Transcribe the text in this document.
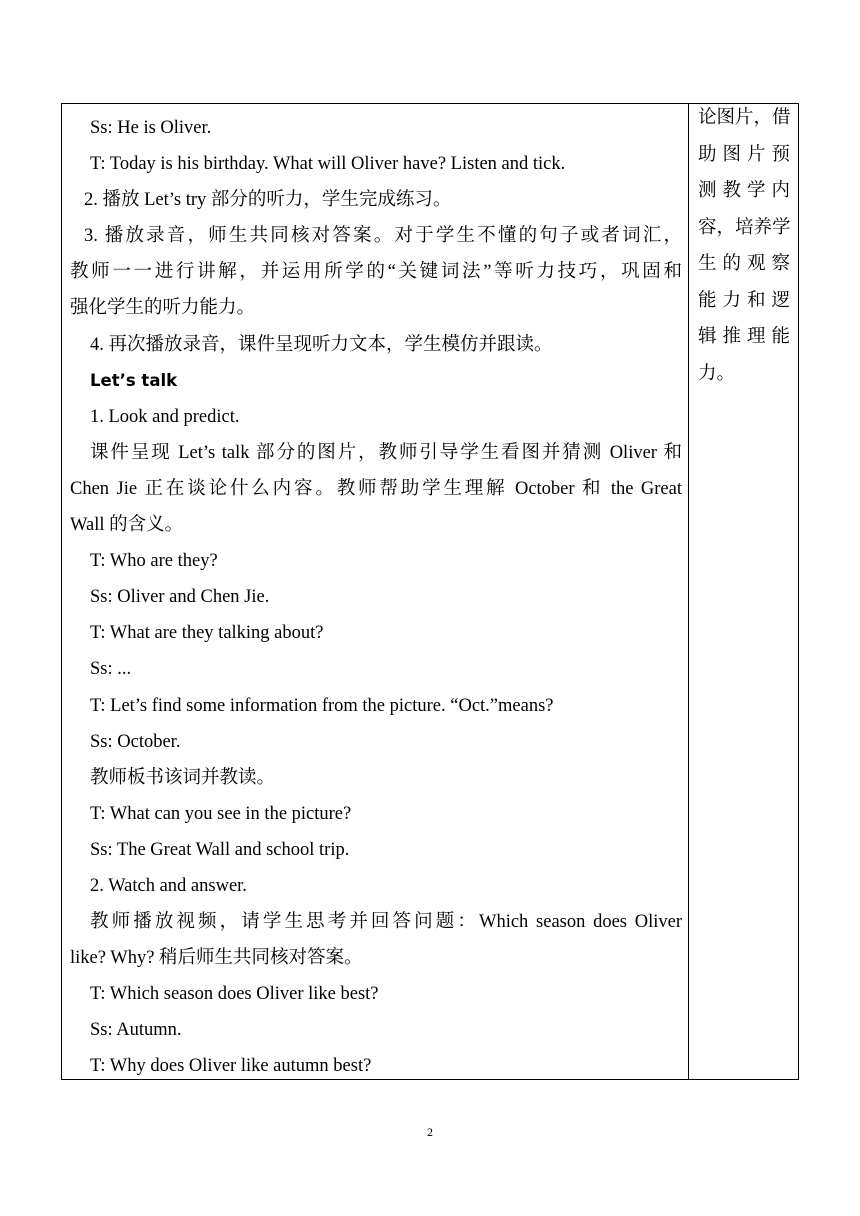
Ss: He is Oliver.
T: Today is his birthday. What will Oliver have? Listen and tick.
2. 播放 Let’s try 部分的听力，学生完成练习。
3. 播放录音，师生共同核对答案。对于学生不懂的句子或者词汇，
教师一一进行讲解，并运用所学的“关键词法”等听力技巧，巩固和
强化学生的听力能力。
4. 再次播放录音，课件呈现听力文本，学生模仿并跟读。
Let’s talk
1. Look and predict.
课件呈现 Let’s talk 部分的图片，教师引导学生看图并猜测 Oliver 和
Chen Jie 正在谈论什么内容。教师帮助学生理解 October 和 the Great
Wall 的含义。
T: Who are they?
Ss: Oliver and Chen Jie.
T: What are they talking about?
Ss: ...
T: Let’s find some information from the picture. “Oct.”means?
Ss: October.
教师板书该词并教读。
T: What can you see in the picture?
Ss: The Great Wall and school trip.
2. Watch and answer.
教师播放视频，请学生思考并回答问题：Which season does Oliver
like? Why? 稍后师生共同核对答案。
T: Which season does Oliver like best?
Ss: Autumn.
T: Why does Oliver like autumn best?
论图片，借
助图片预
测教学内
容，培养学
生的观察
能力和逻
辑推理能
力。
2
